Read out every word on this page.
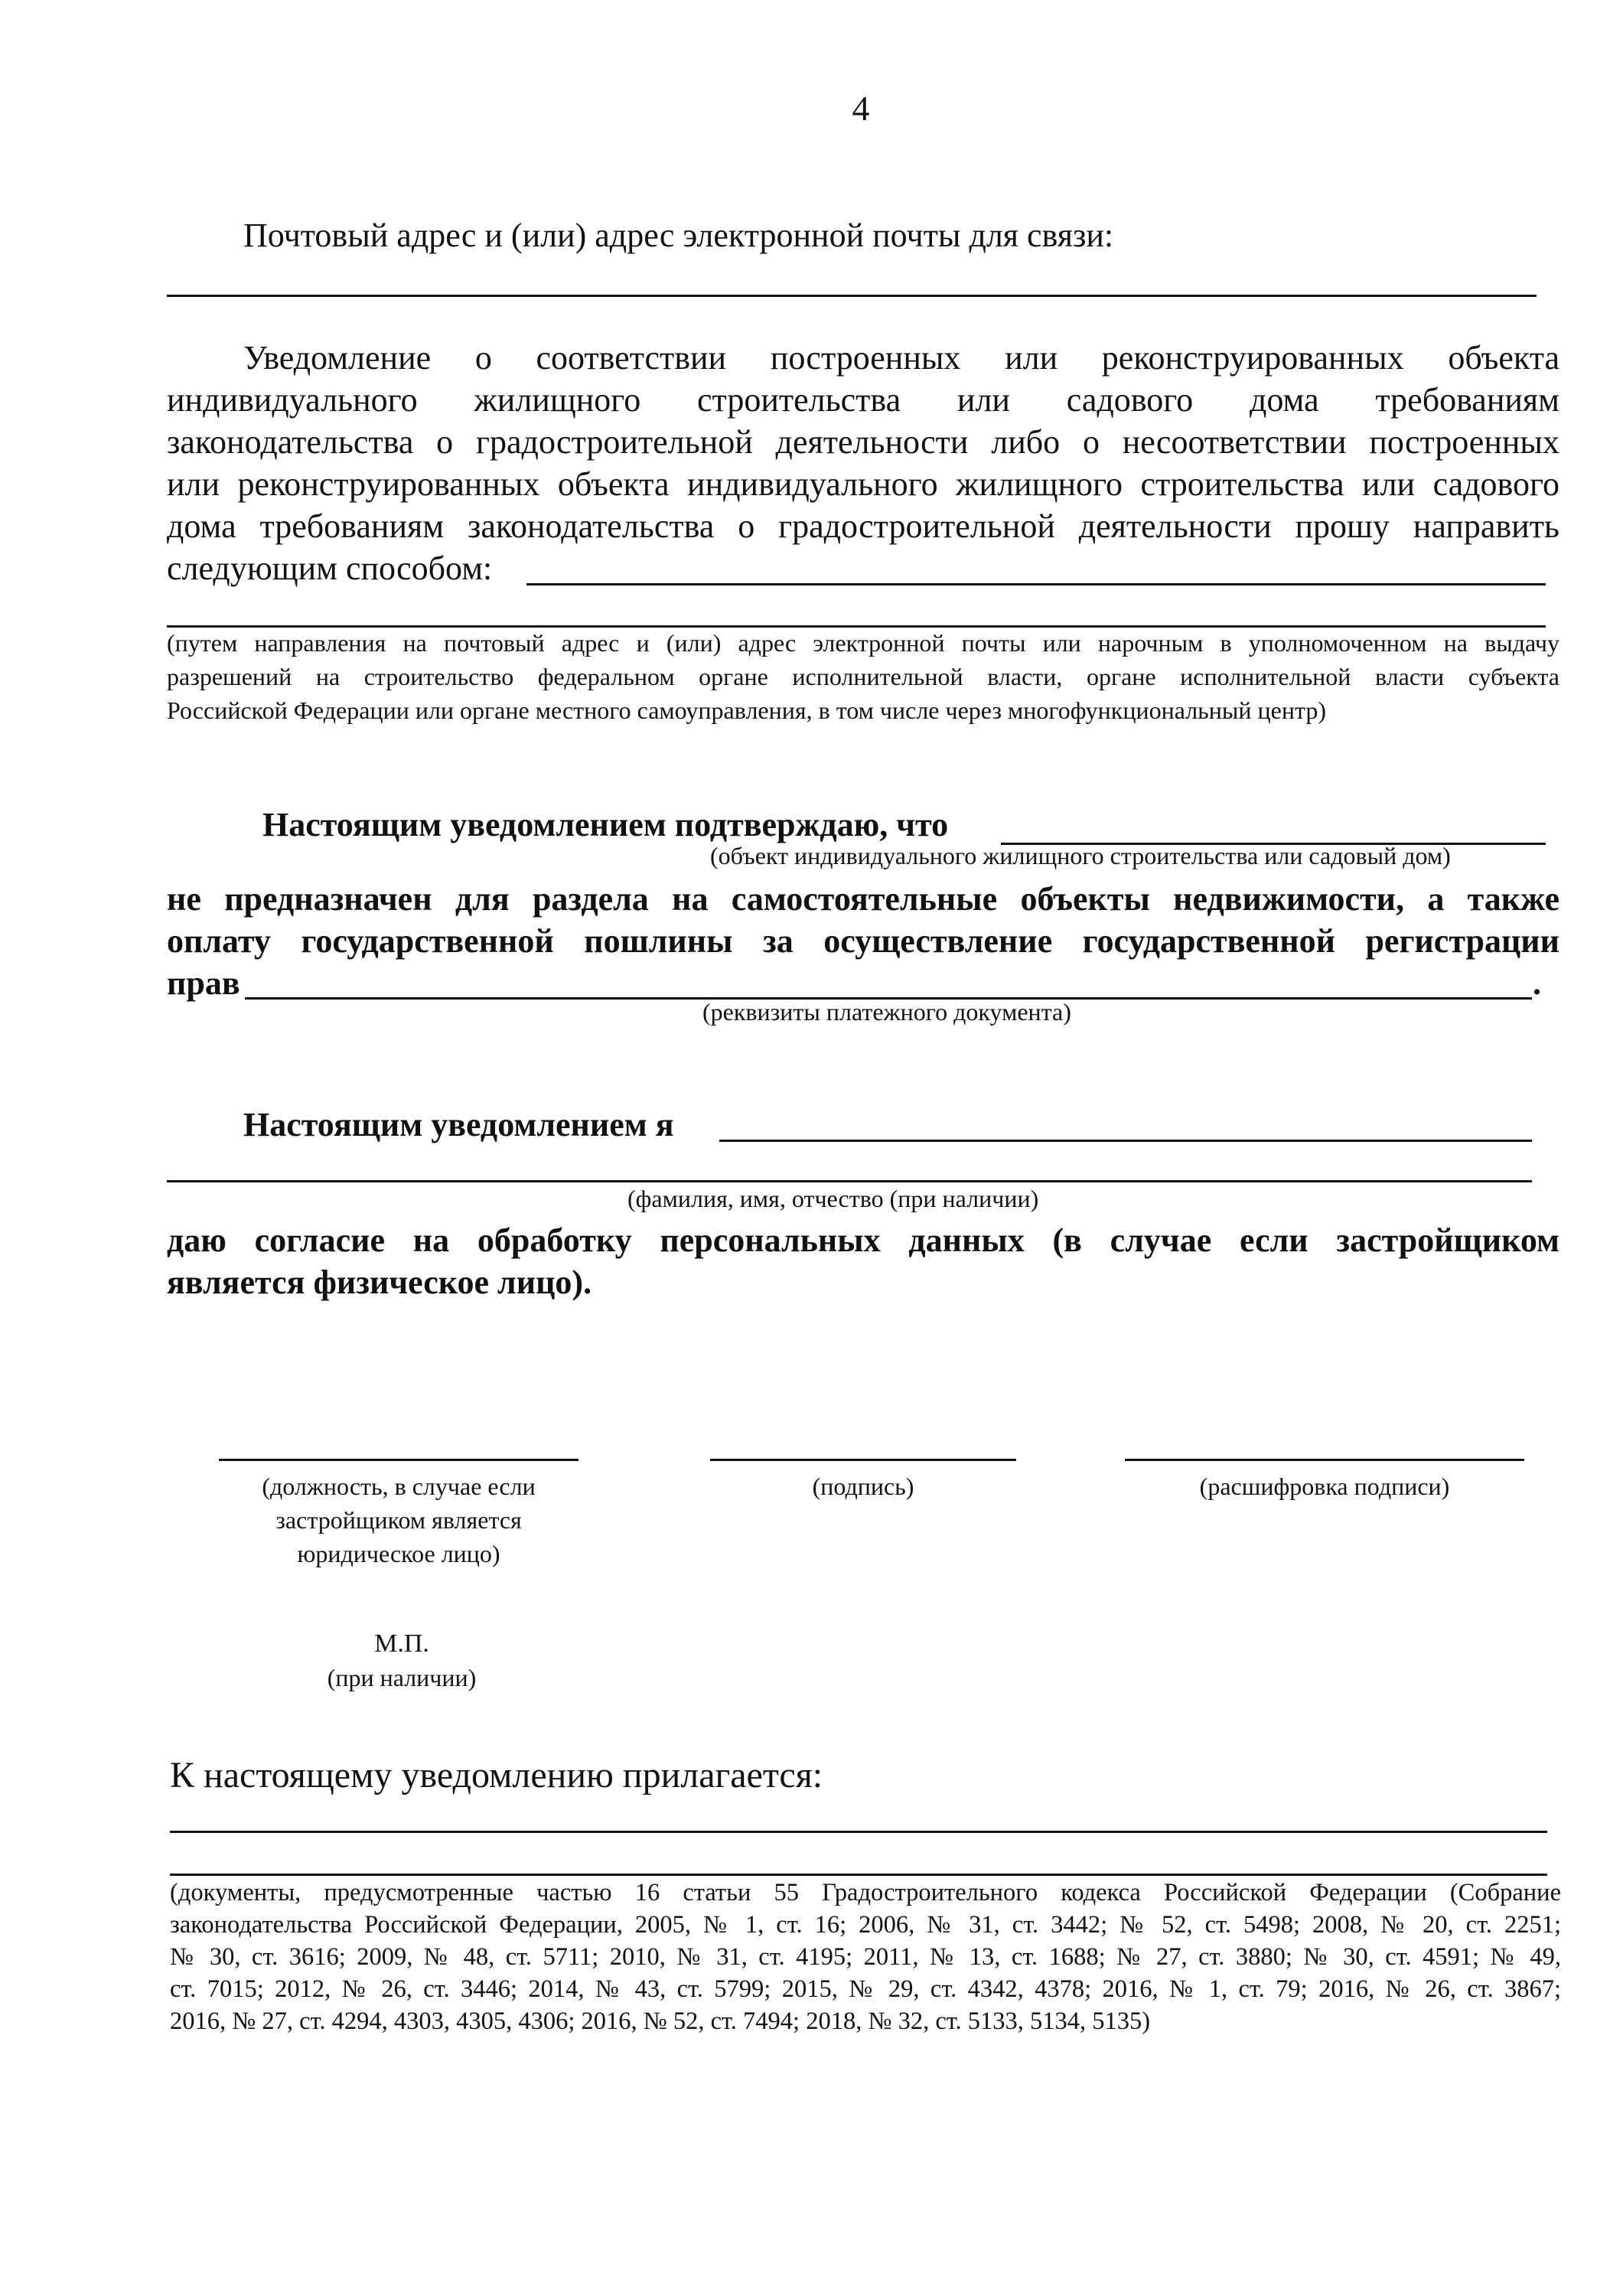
4
Почтовый адрес и (или) адрес электронной почты для связи:
Уведомление о соответствии построенных или реконструированных объекта
индивидуального жилищного строительства или садового дома требованиям
законодательства о градостроительной деятельности либо о несоответствии построенных
или реконструированных объекта индивидуального жилищного строительства или садового
дома требованиям законодательства о градостроительной деятельности прошу направить
следующим способом:
(путем направления на почтовый адрес и (или) адрес электронной почты или нарочным в уполномоченном на выдачу
разрешений на строительство федеральном органе исполнительной власти, органе исполнительной власти субъекта
Российской Федерации или органе местного самоуправления, в том числе через многофункциональный центр)
Настоящим уведомлением подтверждаю, что
(объект индивидуального жилищного строительства или садовый дом)
не предназначен для раздела на самостоятельные объекты недвижимости, а также
оплату государственной пошлины за осуществление государственной регистрации
прав	.
(реквизиты платежного документа)
Настоящим уведомлением я
(фамилия, имя, отчество (при наличии)
даю согласие на обработку персональных данных (в случае если застройщиком
является физическое лицо).
(должность, в случае если
застройщиком является
юридическое лицо)
(подпись)	(расшифровка подписи)
М.П.
(при наличии)
К настоящему уведомлению прилагается:
(документы, предусмотренные частью 16 статьи 55 Градостроительного кодекса Российской Федерации (Собрание
законодательства Российской Федерации, 2005, № 1, ст. 16; 2006, № 31, ст. 3442; № 52, ст. 5498; 2008, № 20, ст. 2251;
№ 30, ст. 3616; 2009, № 48, ст. 5711; 2010, № 31, ст. 4195; 2011, № 13, ст. 1688; № 27, ст. 3880; № 30, ст. 4591; № 49,
ст. 7015; 2012, № 26, ст. 3446; 2014, № 43, ст. 5799; 2015, № 29, ст. 4342, 4378; 2016, № 1, ст. 79; 2016, № 26, ст. 3867;
2016, № 27, ст. 4294, 4303, 4305, 4306; 2016, № 52, ст. 7494; 2018, № 32, ст. 5133, 5134, 5135)
